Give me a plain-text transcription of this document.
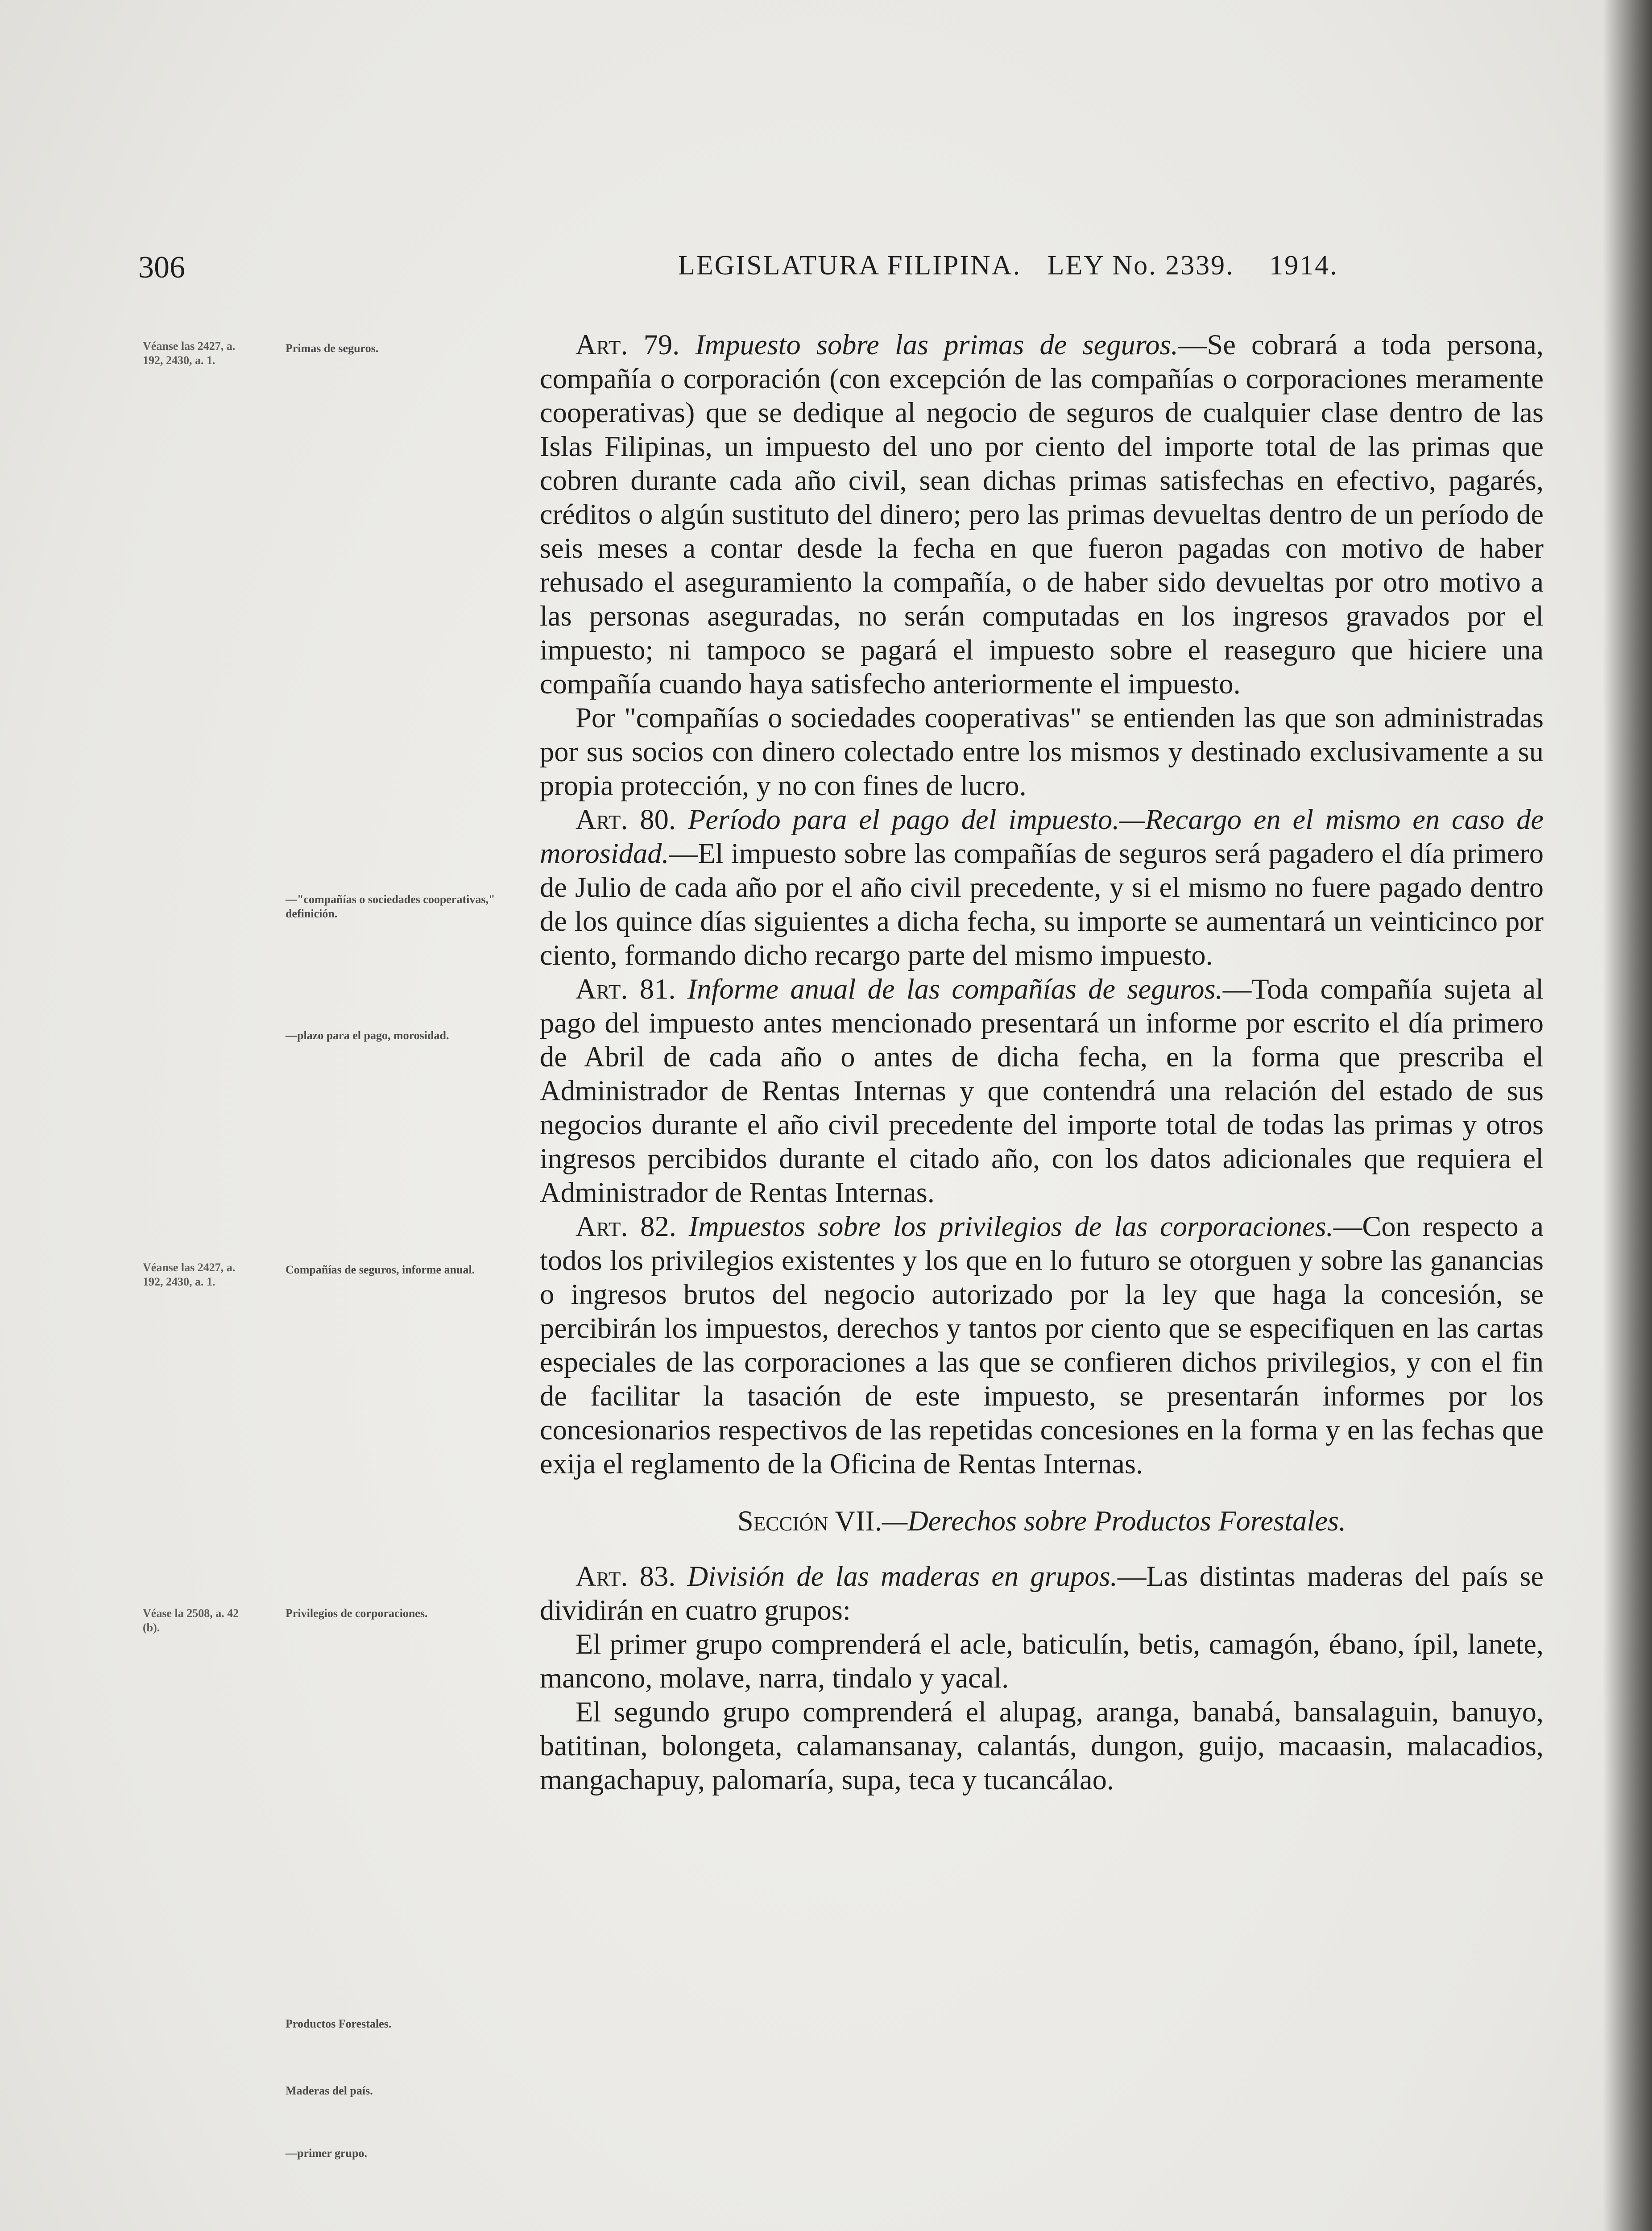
306	LEGISLATURA FILIPINA. LEY No. 2339. 1914.
Véanse las 2427, a. 192, 2430, a. 1.
Véanse las 2427, a. 192, 2430, a. 1.
Véase la 2508, a. 42 (b).
Primas de seguros.
—"compañías o sociedades cooperativas," definición.
—plazo para el pago, morosidad.
Compañías de seguros, informe anual.
Privilegios de corporaciones.
Productos Forestales.
Maderas del país.
—primer grupo.

Art. 79. Impuesto sobre las primas de seguros.—Se cobrará a toda persona, compañía o corporación (con excepción de las compañías o corporaciones meramente cooperativas) que se dedique al negocio de seguros de cualquier clase dentro de las Islas Filipinas, un impuesto del uno por ciento del importe total de las primas que cobren durante cada año civil, sean dichas primas satisfechas en efectivo, pagarés, créditos o algún sustituto del dinero; pero las primas devueltas dentro de un período de seis meses a contar desde la fecha en que fueron pagadas con motivo de haber rehusado el aseguramiento la compañía, o de haber sido devueltas por otro motivo a las personas aseguradas, no serán computadas en los ingresos gravados por el impuesto; ni tampoco se pagará el impuesto sobre el reaseguro que hiciere una compañía cuando haya satisfecho anteriormente el impuesto.

Por "compañías o sociedades cooperativas" se entienden las que son administradas por sus socios con dinero colectado entre los mismos y destinado exclusivamente a su propia protección, y no con fines de lucro.

Art. 80. Período para el pago del impuesto.—Recargo en el mismo en caso de morosidad.—El impuesto sobre las compañías de seguros será pagadero el día primero de Julio de cada año por el año civil precedente, y si el mismo no fuere pagado dentro de los quince días siguientes a dicha fecha, su importe se aumentará un veinticinco por ciento, formando dicho recargo parte del mismo impuesto.

Art. 81. Informe anual de las compañías de seguros.—Toda compañía sujeta al pago del impuesto antes mencionado presentará un informe por escrito el día primero de Abril de cada año o antes de dicha fecha, en la forma que prescriba el Administrador de Rentas Internas y que contendrá una relación del estado de sus negocios durante el año civil precedente del importe total de todas las primas y otros ingresos percibidos durante el citado año, con los datos adicionales que requiera el Administrador de Rentas Internas.

Art. 82. Impuestos sobre los privilegios de las corporaciones.—Con respecto a todos los privilegios existentes y los que en lo futuro se otorguen y sobre las ganancias o ingresos brutos del negocio autorizado por la ley que haga la concesión, se percibirán los impuestos, derechos y tantos por ciento que se especifiquen en las cartas especiales de las corporaciones a las que se confieren dichos privilegios, y con el fin de facilitar la tasación de este impuesto, se presentarán informes por los concesionarios respectivos de las repetidas concesiones en la forma y en las fechas que exija el reglamento de la Oficina de Rentas Internas.

Sección VII.—Derechos sobre Productos Forestales.

Art. 83. División de las maderas en grupos.—Las distintas maderas del país se dividirán en cuatro grupos:

El primer grupo comprenderá el acle, baticulín, betis, camagón, ébano, ípil, lanete, mancono, molave, narra, tindalo y yacal.

El segundo grupo comprenderá el alupag, aranga, banabá, bansalaguin, banuyo, batitinan, bolongeta, calamansanay, calantás, dungon, guijo, macaasin, malacadios, mangachapuy, palomaría, supa, teca y tucancálao.
